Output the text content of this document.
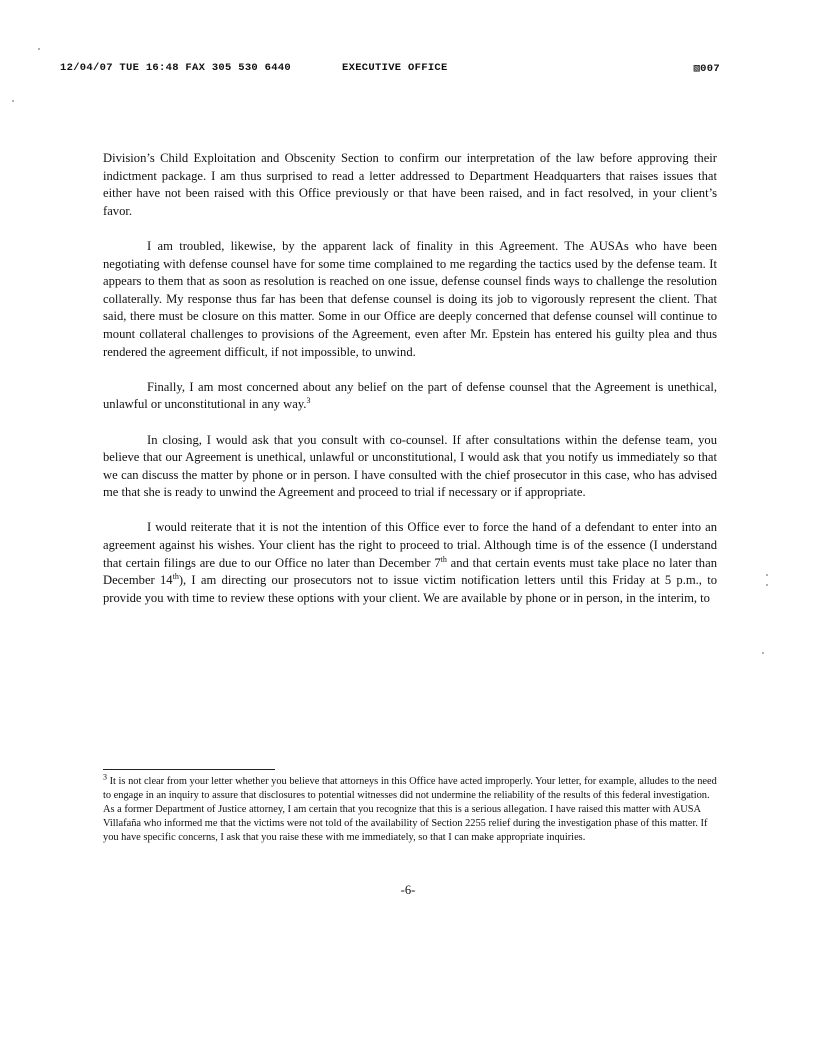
12/04/07 TUE 16:48 FAX 305 530 6440	EXECUTIVE OFFICE	▧007

Division’s Child Exploitation and Obscenity Section to confirm our interpretation of the law before approving their indictment package. I am thus surprised to read a letter addressed to Department Headquarters that raises issues that either have not been raised with this Office previously or that have been raised, and in fact resolved, in your client’s favor.

I am troubled, likewise, by the apparent lack of finality in this Agreement. The AUSAs who have been negotiating with defense counsel have for some time complained to me regarding the tactics used by the defense team. It appears to them that as soon as resolution is reached on one issue, defense counsel finds ways to challenge the resolution collaterally. My response thus far has been that defense counsel is doing its job to vigorously represent the client. That said, there must be closure on this matter. Some in our Office are deeply concerned that defense counsel will continue to mount collateral challenges to provisions of the Agreement, even after Mr. Epstein has entered his guilty plea and thus rendered the agreement difficult, if not impossible, to unwind.

Finally, I am most concerned about any belief on the part of defense counsel that the Agreement is unethical, unlawful or unconstitutional in any way.$^3$

In closing, I would ask that you consult with co-counsel. If after consultations within the defense team, you believe that our Agreement is unethical, unlawful or unconstitutional, I would ask that you notify us immediately so that we can discuss the matter by phone or in person. I have consulted with the chief prosecutor in this case, who has advised me that she is ready to unwind the Agreement and proceed to trial if necessary or if appropriate.

I would reiterate that it is not the intention of this Office ever to force the hand of a defendant to enter into an agreement against his wishes. Your client has the right to proceed to trial. Although time is of the essence (I understand that certain filings are due to our Office no later than December 7th and that certain events must take place no later than December 14th), I am directing our prosecutors not to issue victim notification letters until this Friday at 5 p.m., to provide you with time to review these options with your client. We are available by phone or in person, in the interim, to

$^3$ It is not clear from your letter whether you believe that attorneys in this Office have acted improperly. Your letter, for example, alludes to the need to engage in an inquiry to assure that disclosures to potential witnesses did not undermine the reliability of the results of this federal investigation. As a former Department of Justice attorney, I am certain that you recognize that this is a serious allegation. I have raised this matter with AUSA Villafaña who informed me that the victims were not told of the availability of Section 2255 relief during the investigation phase of this matter. If you have specific concerns, I ask that you raise these with me immediately, so that I can make appropriate inquiries.
-6-
